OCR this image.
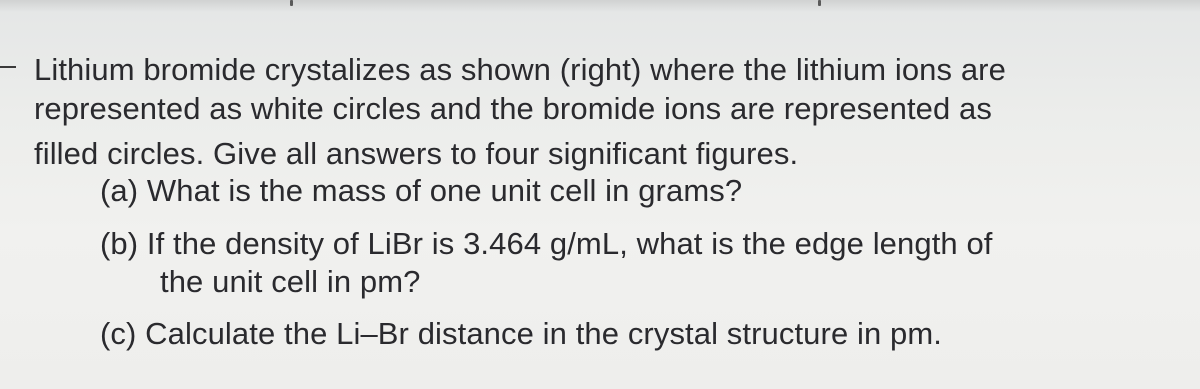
Lithium bromide crystalizes as shown (right) where the lithium ions are
represented as white circles and the bromide ions are represented as
filled circles. Give all answers to four significant figures.
(a) What is the mass of one unit cell in grams?
(b) If the density of LiBr is 3.464 g/mL, what is the edge length of
the unit cell in pm?
(c) Calculate the Li–Br distance in the crystal structure in pm.
